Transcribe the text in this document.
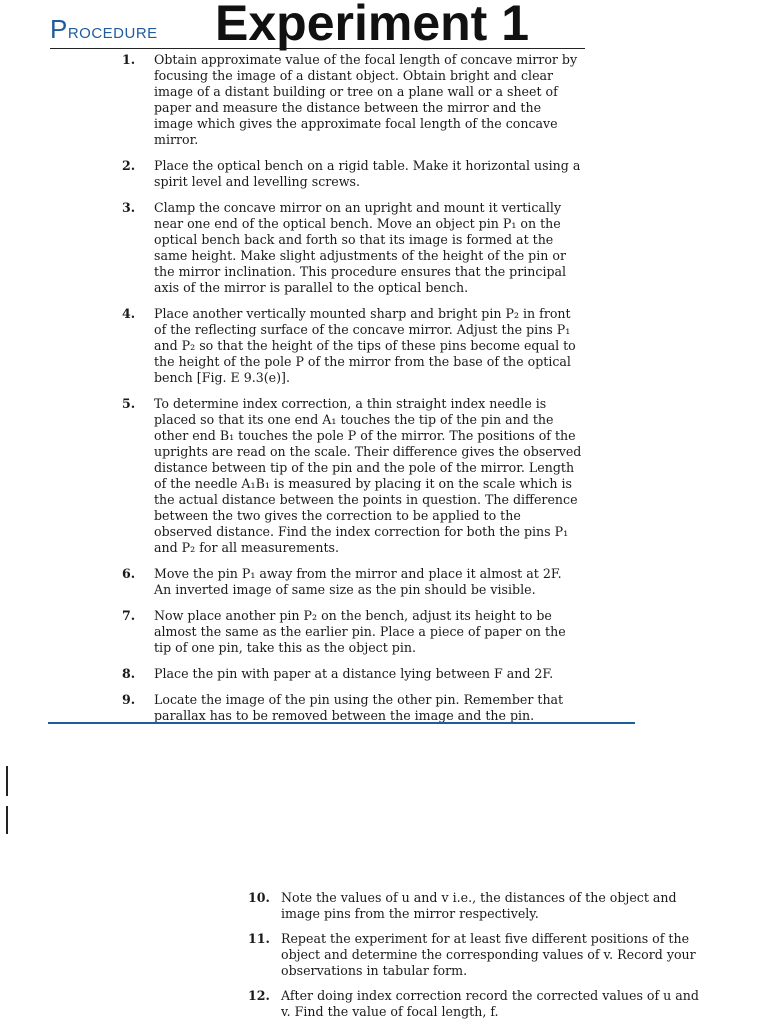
PROCEDURE Experiment 1
1. Obtain approximate value of the focal length of concave mirror by focusing the image of a distant object. Obtain bright and clear image of a distant building or tree on a plane wall or a sheet of paper and measure the distance between the mirror and the image which gives the approximate focal length of the concave mirror.
2. Place the optical bench on a rigid table. Make it horizontal using a spirit level and levelling screws.
3. Clamp the concave mirror on an upright and mount it vertically near one end of the optical bench. Move an object pin P₁ on the optical bench back and forth so that its image is formed at the same height. Make slight adjustments of the height of the pin or the mirror inclination. This procedure ensures that the principal axis of the mirror is parallel to the optical bench.
4. Place another vertically mounted sharp and bright pin P₂ in front of the reflecting surface of the concave mirror. Adjust the pins P₁ and P₂ so that the height of the tips of these pins become equal to the height of the pole P of the mirror from the base of the optical bench [Fig. E 9.3(e)].
5. To determine index correction, a thin straight index needle is placed so that its one end A₁ touches the tip of the pin and the other end B₁ touches the pole P of the mirror. The positions of the uprights are read on the scale. Their difference gives the observed distance between tip of the pin and the pole of the mirror. Length of the needle A₁B₁ is measured by placing it on the scale which is the actual distance between the points in question. The difference between the two gives the correction to be applied to the observed distance. Find the index correction for both the pins P₁ and P₂ for all measurements.
6. Move the pin P₁ away from the mirror and place it almost at 2F. An inverted image of same size as the pin should be visible.
7. Now place another pin P₂ on the bench, adjust its height to be almost the same as the earlier pin. Place a piece of paper on the tip of one pin, take this as the object pin.
8. Place the pin with paper at a distance lying between F and 2F.
9. Locate the image of the pin using the other pin. Remember that parallax has to be removed between the image and the pin.
10. Note the values of u and v i.e., the distances of the object and image pins from the mirror respectively.
11. Repeat the experiment for at least five different positions of the object and determine the corresponding values of v. Record your observations in tabular form.
12. After doing index correction record the corrected values of u and v. Find the value of focal length, f.
